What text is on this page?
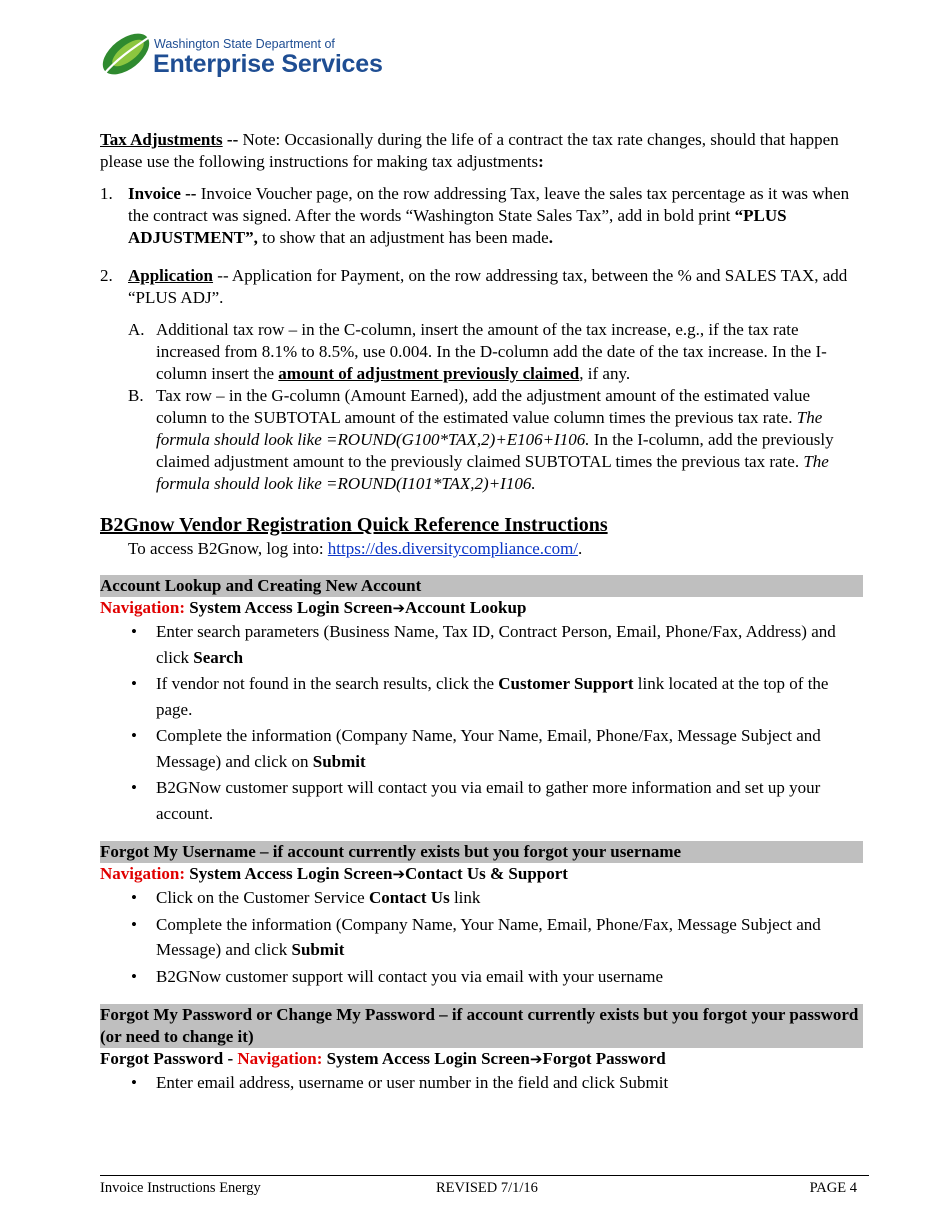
Washington State Department of
Enterprise Services

Tax Adjustments -- Note: Occasionally during the life of a contract the tax rate changes, should that happen please use the following instructions for making tax adjustments:

1. Invoice -- Invoice Voucher page, on the row addressing Tax, leave the sales tax percentage as it was when the contract was signed. After the words “Washington State Sales Tax”, add in bold print “PLUS ADJUSTMENT”, to show that an adjustment has been made.
2. Application -- Application for Payment, on the row addressing tax, between the % and SALES TAX, add “PLUS ADJ”.
A. Additional tax row – in the C-column, insert the amount of the tax increase, e.g., if the tax rate increased from 8.1% to 8.5%, use 0.004. In the D-column add the date of the tax increase. In the I-column insert the amount of adjustment previously claimed, if any.
B. Tax row – in the G-column (Amount Earned), add the adjustment amount of the estimated value column to the SUBTOTAL amount of the estimated value column times the previous tax rate. The formula should look like =ROUND(G100*TAX,2)+E106+I106. In the I-column, add the previously claimed adjustment amount to the previously claimed SUBTOTAL times the previous tax rate. The formula should look like =ROUND(I101*TAX,2)+I106.
B2Gnow Vendor Registration Quick Reference Instructions

To access B2Gnow, log into: https://des.diversitycompliance.com/.

Account Lookup and Creating New Account

Navigation: System Access Login Screen➔Account Lookup

• Enter search parameters (Business Name, Tax ID, Contract Person, Email, Phone/Fax, Address) and click Search
• If vendor not found in the search results, click the Customer Support link located at the top of the page.
• Complete the information (Company Name, Your Name, Email, Phone/Fax, Message Subject and Message) and click on Submit
• B2GNow customer support will contact you via email to gather more information and set up your account.
Forgot My Username – if account currently exists but you forgot your username

Navigation: System Access Login Screen➔Contact Us & Support

• Click on the Customer Service Contact Us link
• Complete the information (Company Name, Your Name, Email, Phone/Fax, Message Subject and Message) and click Submit
• B2GNow customer support will contact you via email with your username
Forgot My Password or Change My Password – if account currently exists but you forgot your password (or need to change it)

Forgot Password - Navigation: System Access Login Screen➔Forgot Password

• Enter email address, username or user number in the field and click Submit
Invoice Instructions Energy	REVISED 7/1/16	PAGE 4
